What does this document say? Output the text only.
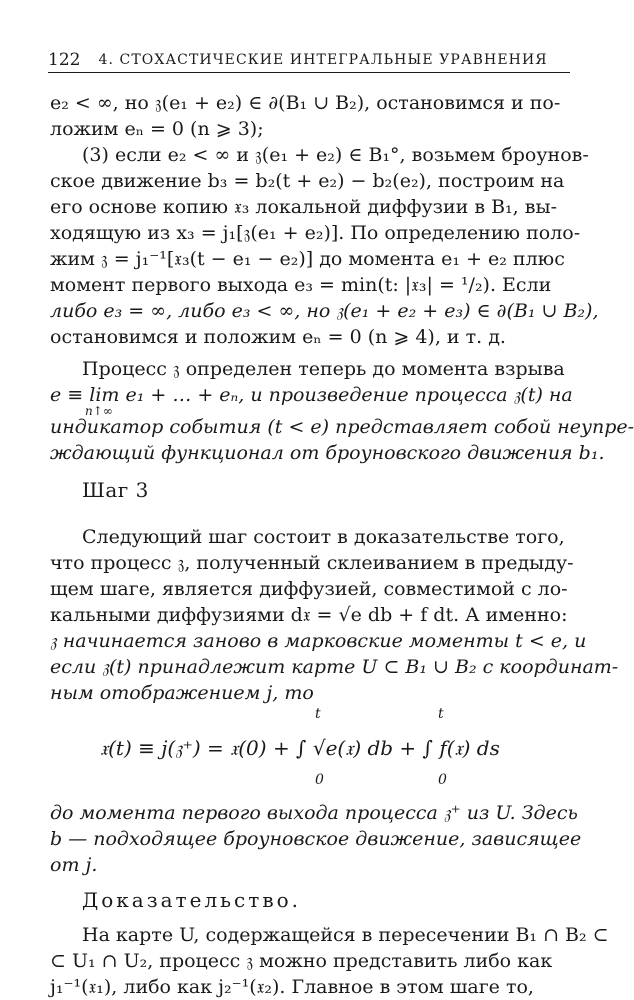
122 4. СТОХАСТИЧЕСКИЕ ИНТЕГРАЛЬНЫЕ УРАВНЕНИЯ
e₂ < ∞, но 𝔷(e₁ + e₂) ∈ ∂(B₁ ∪ B₂), остановимся и по-
ложим eₙ = 0 (n ⩾ 3);
(3) если e₂ < ∞ и 𝔷(e₁ + e₂) ∈ B₁°, возьмем броунов-
ское движение b₃ = b₂(t + e₂) − b₂(e₂), построим на
его основе копию 𝔵₃ локальной диффузии в B₁, вы-
ходящую из x₃ = j₁[𝔷(e₁ + e₂)]. По определению поло-
жим 𝔷 = j₁⁻¹[𝔵₃(t − e₁ − e₂)] до момента e₁ + e₂ плюс
момент первого выхода e₃ = min(t: |𝔵₃| = ¹/₂). Если
либо e₃ = ∞, либо e₃ < ∞, но 𝔷(e₁ + e₂ + e₃) ∈ ∂(B₁ ∪ B₂),
остановимся и положим eₙ = 0 (n ⩾ 4), и т. д.
Процесс 𝔷 определен теперь до момента взрыва
e ≡ lim e₁ + … + eₙ, и произведение процесса 𝔷(t) на
n↑∞
индикатор события (t < e) представляет собой неупре-
ждающий функционал от броуновского движения b₁.
Шаг 3
Следующий шаг состоит в доказательстве того,
что процесс 𝔷, полученный склеиванием в предыду-
щем шаге, является диффузией, совместимой с ло-
кальными диффузиями d𝔵 = √e db + f dt. А именно:
𝔷 начинается заново в марковские моменты t < e, и
если 𝔷(t) принадлежит карте U ⊂ B₁ ∪ B₂ с координат-
ным отображением j, то
t
0
t
0
𝔵(t) ≡ j(𝔷⁺) = 𝔵(0) + ∫ √e(𝔵) db + ∫ f(𝔵) ds
до момента первого выхода процесса 𝔷⁺ из U. Здесь
b — подходящее броуновское движение, зависящее
от j.
Доказательство.
На карте U, содержащейся в пересечении B₁ ∩ B₂ ⊂
⊂ U₁ ∩ U₂, процесс 𝔷 можно представить либо как
j₁⁻¹(𝔵₁), либо как j₂⁻¹(𝔵₂). Главное в этом шаге то,
